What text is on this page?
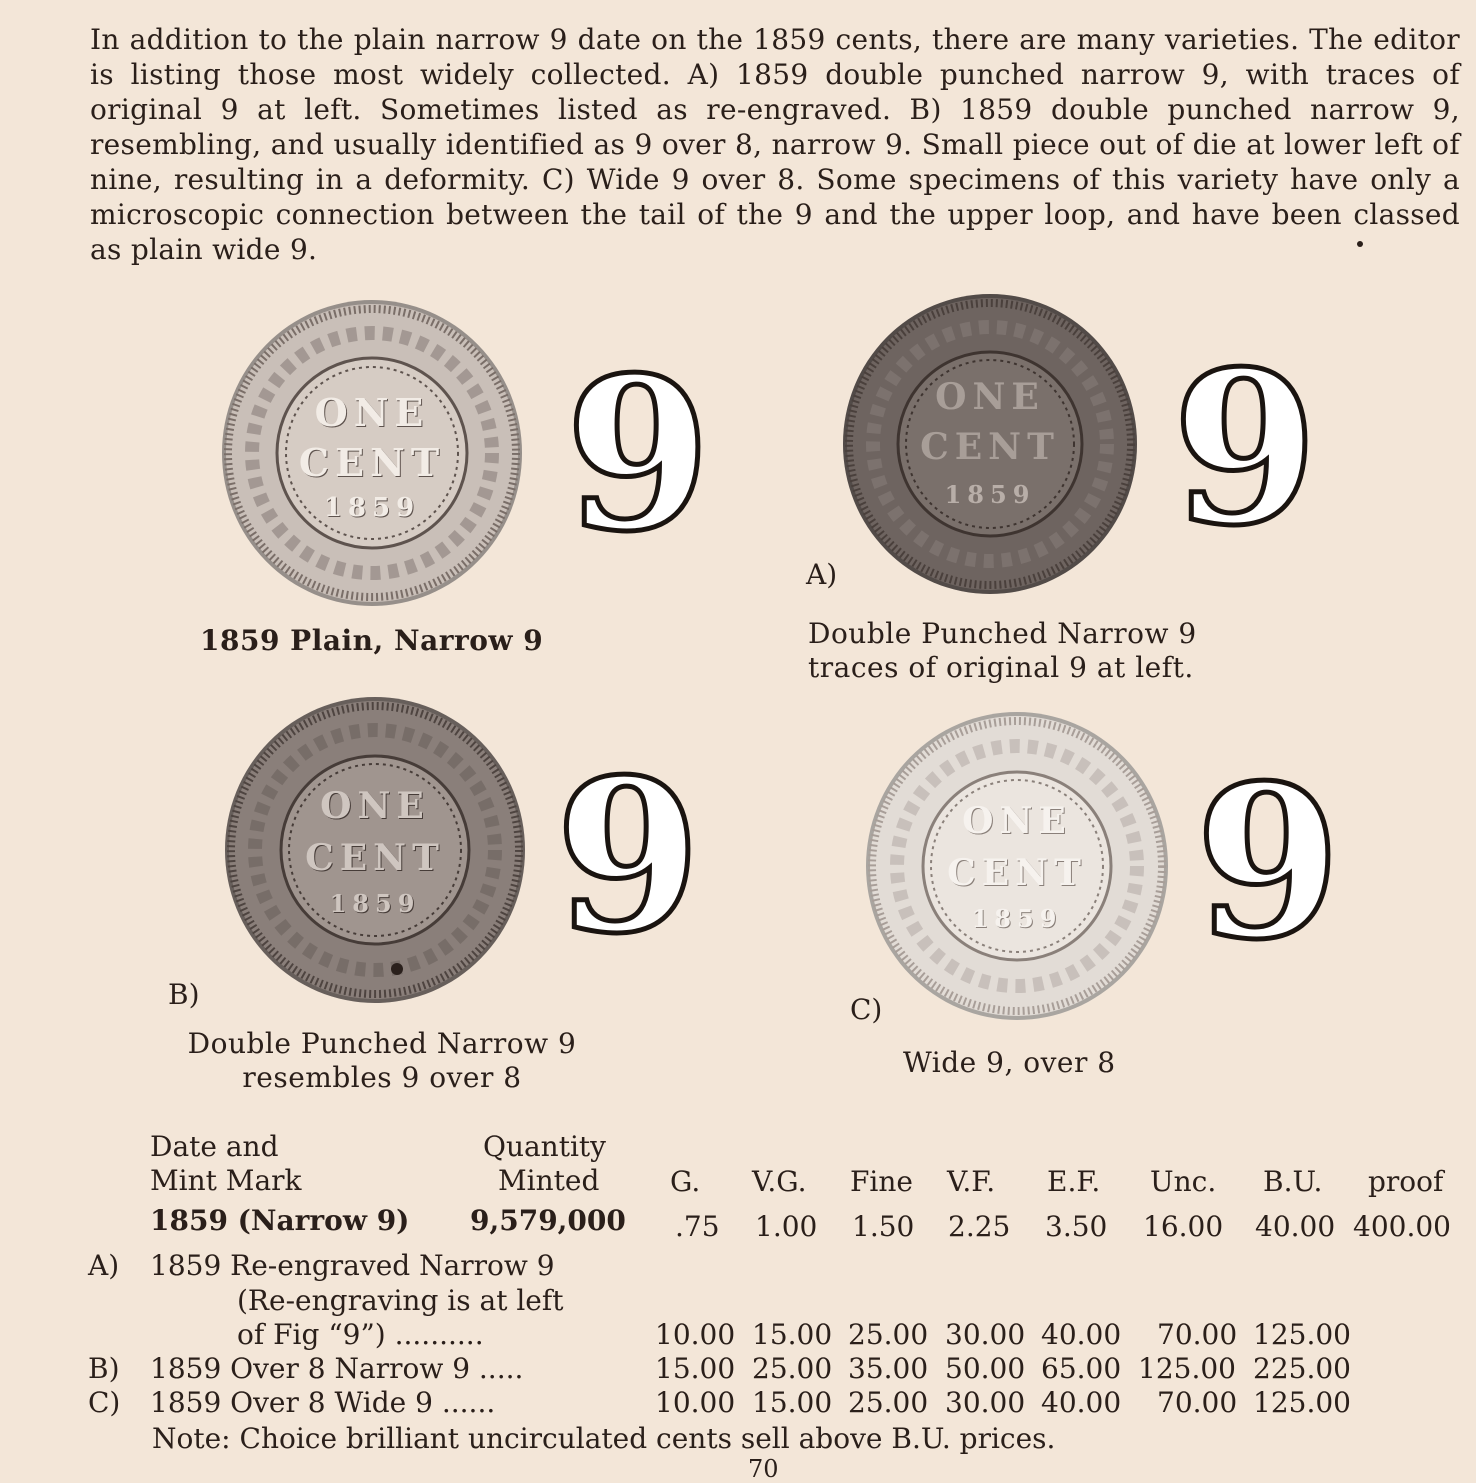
In addition to the plain narrow 9 date on the 1859 cents, there are many varieties. The editor is listing those most widely collected. A) 1859 double punched narrow 9, with traces of original 9 at left. Sometimes listed as re-engraved. B) 1859 double punched narrow 9, resembling, and usually identified as 9 over 8, narrow 9. Small piece out of die at lower left of nine, resulting in a deformity. C) Wide 9 over 8. Some specimens of this variety have only a microscopic connection between the tail of the 9 and the upper loop, and have been classed as plain wide 9.

ONE
CENT
1859 9
1859 Plain, Narrow 9
ONE
CENT
1859 9
A)
Double Punched Narrow 9
traces of original 9 at left.
ONE
CENT
1859 9
B)
Double Punched Narrow 9
resembles 9 over 8
ONE
CENT
1859 9
C)
Wide 9, over 8
Date and
Mint Mark
Quantity
Minted	G. V.G. Fine V.F. E.F. Unc. B.U. proof
1859 (Narrow 9) 9,579,000 .75 1.00 1.50 2.25 3.50 16.00 40.00 400.00
A) 1859 Re-engraved Narrow 9
(Re-engraving is at left
of Fig “9”) ..........	10.00 15.00 25.00 30.00 40.00 70.00 125.00
B) 1859 Over 8 Narrow 9 .....	15.00 25.00 35.00 50.00 65.00 125.00 225.00
C) 1859 Over 8 Wide 9 ......	10.00 15.00 25.00 30.00 40.00 70.00 125.00
Note: Choice brilliant uncirculated cents sell above B.U. prices.
70
